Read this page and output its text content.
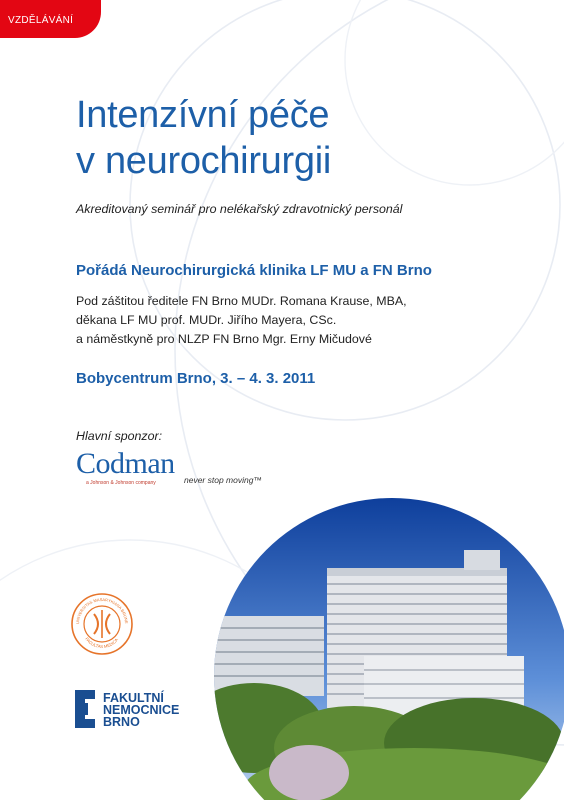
VZDĚLÁVÁNÍ
Intenzívní péče
v neurochirurgii
Akreditovaný seminář pro nelékařský zdravotnický personál
Pořádá Neurochirurgická klinika LF MU a FN Brno
Pod záštitou ředitele FN Brno MUDr. Romana Krause, MBA,
děkana LF MU prof. MUDr. Jiřího Mayera, CSc.
a náměstkyně pro NLZP FN Brno Mgr. Erny Mičudové
Bobycentrum Brno, 3. – 4. 3. 2011
Hlavní sponzor:
Codman
a Johnson & Johnson company	never stop moving™
UNIVERSITAS MASARYKIANA BRUNE
FACULTAS MEDICA
FAKULTNÍ
NEMOCNICE
BRNO
